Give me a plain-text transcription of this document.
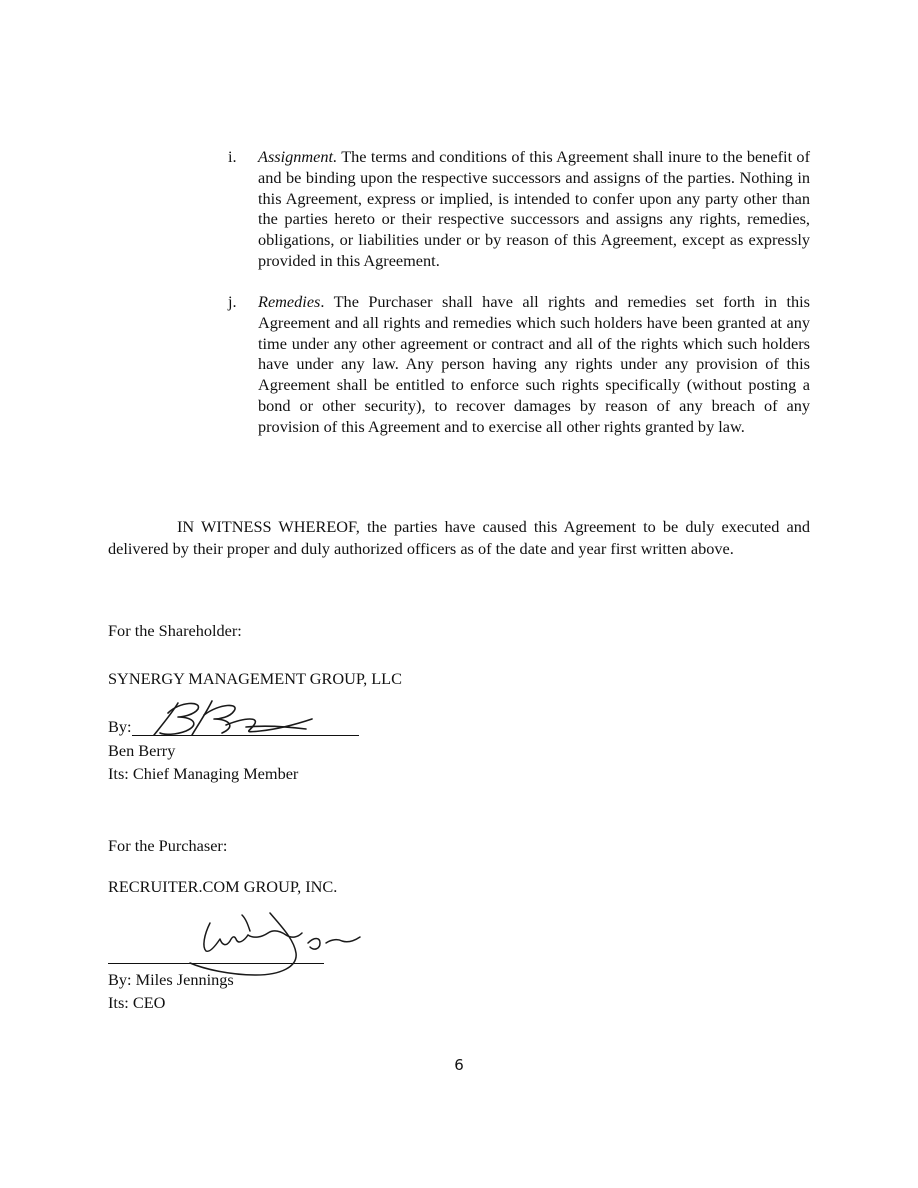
i. Assignment. The terms and conditions of this Agreement shall inure to the benefit of and be binding upon the respective successors and assigns of the parties. Nothing in this Agreement, express or implied, is intended to confer upon any party other than the parties hereto or their respective successors and assigns any rights, remedies, obligations, or liabilities under or by reason of this Agreement, except as expressly provided in this Agreement.
j. Remedies. The Purchaser shall have all rights and remedies set forth in this Agreement and all rights and remedies which such holders have been granted at any time under any other agreement or contract and all of the rights which such holders have under any law. Any person having any rights under any provision of this Agreement shall be entitled to enforce such rights specifically (without posting a bond or other security), to recover damages by reason of any breach of any provision of this Agreement and to exercise all other rights granted by law.
IN WITNESS WHEREOF, the parties have caused this Agreement to be duly executed and delivered by their proper and duly authorized officers as of the date and year first written above.
For the Shareholder:
SYNERGY MANAGEMENT GROUP, LLC
By:
Ben Berry
Its: Chief Managing Member
For the Purchaser:
RECRUITER.COM GROUP, INC.
By: Miles Jennings
Its: CEO
6
